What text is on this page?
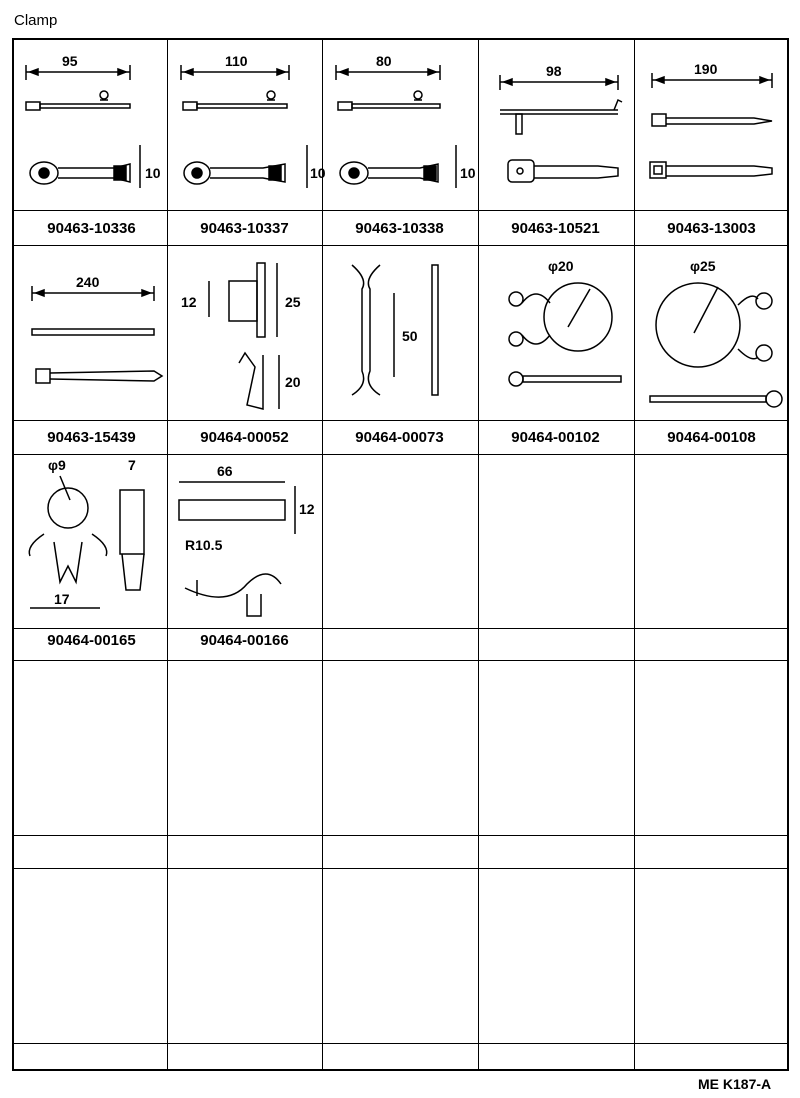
Clamp
95
10
90463-10336
110
10
90463-10337
80
10
90463-10338
98
90463-10521
190
90463-13003
240
90463-15439
12	25
20
90464-00052
50
90464-00073
φ20
90464-00102
φ25
90464-00108
φ9	7
17
90464-00165
66
12
R10.5
90464-00166
ME K187-A
